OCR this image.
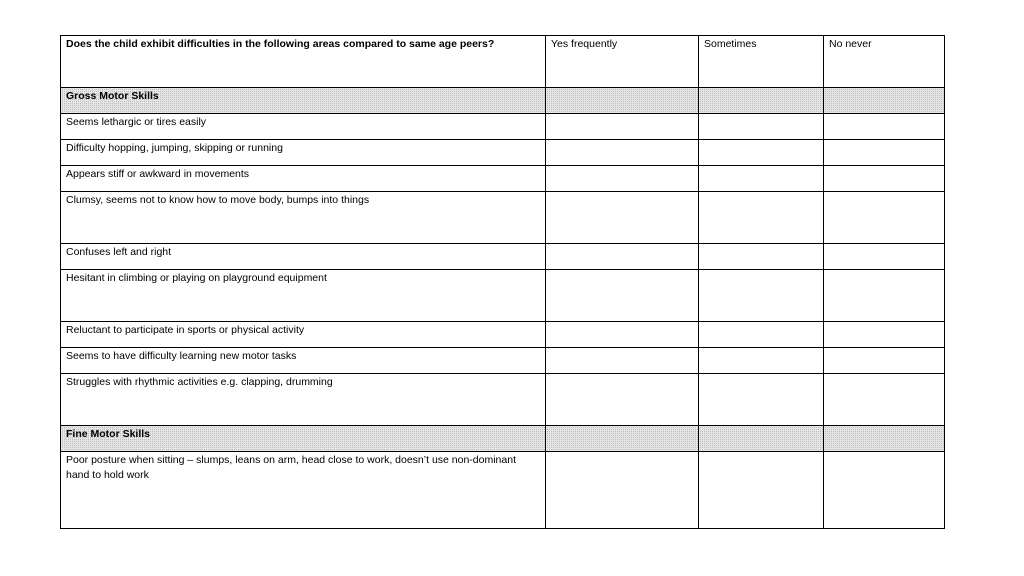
Does the child exhibit difficulties in the following areas compared to same age peers?	Yes frequently	Sometimes	No never
Gross Motor Skills			
Seems lethargic or tires easily			
Difficulty hopping, jumping, skipping or running			
Appears stiff or awkward in movements			
Clumsy, seems not to know how to move body, bumps into things			
Confuses left and right			
Hesitant in climbing or playing on playground equipment			
Reluctant to participate in sports or physical activity			
Seems to have difficulty learning new motor tasks			
Struggles with rhythmic activities e.g. clapping, drumming			
Fine Motor Skills			
Poor posture when sitting – slumps, leans on arm, head close to work, doesn’t use non-dominant hand to hold work			
